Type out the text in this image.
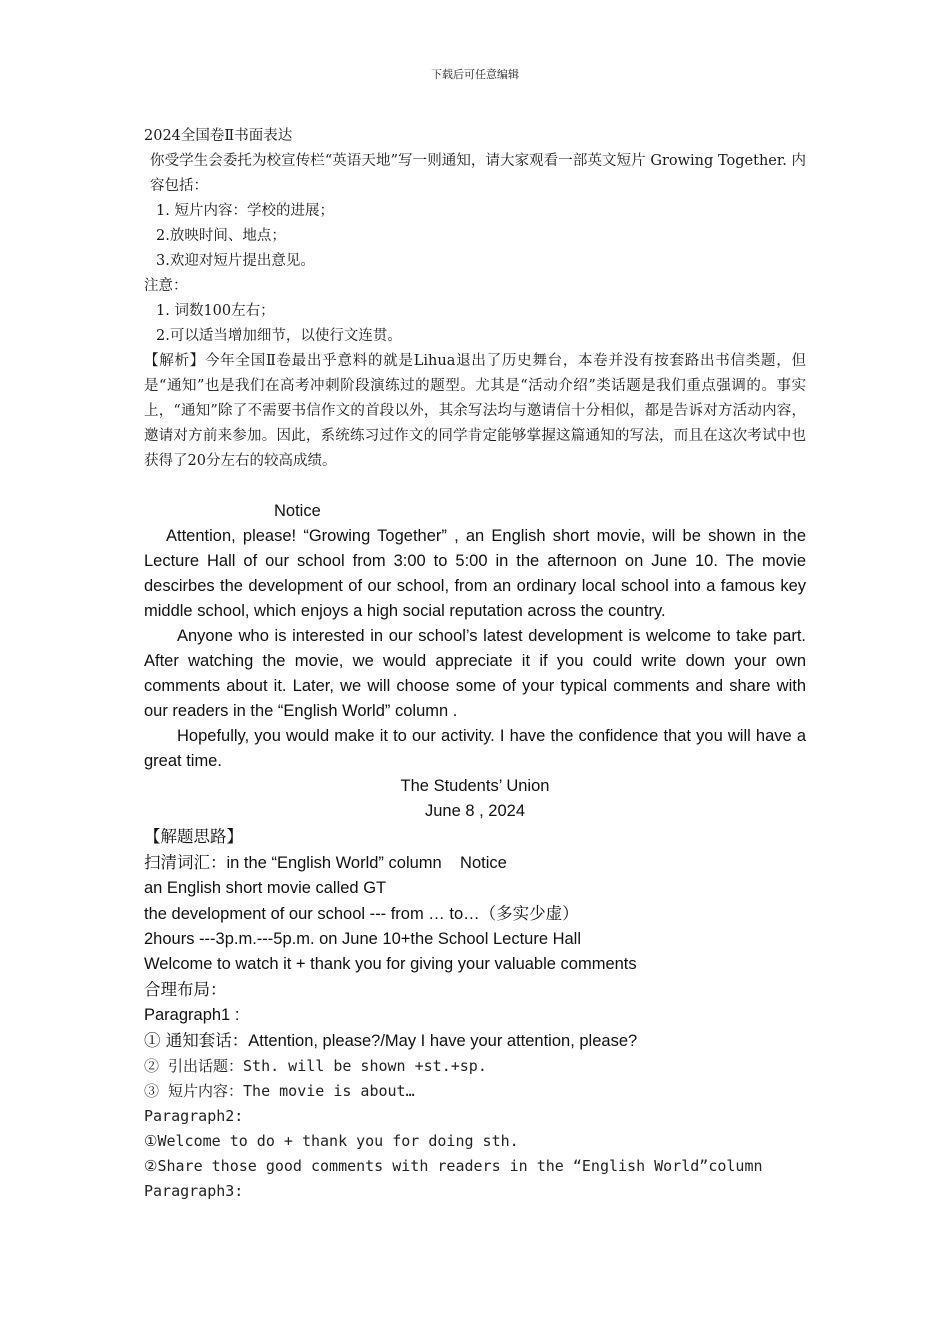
下载后可任意编辑

2024全国卷Ⅱ书面表达

你受学生会委托为校宣传栏“英语天地”写一则通知，请大家观看一部英文短片 Growing Together. 内容包括：

1. 短片内容：学校的进展；

2.放映时间、地点；

3.欢迎对短片提出意见。

注意：

1. 词数100左右；

2.可以适当增加细节，以使行文连贯。

【解析】今年全国Ⅱ卷最出乎意料的就是Lihua退出了历史舞台，本卷并没有按套路出书信类题，但是“通知”也是我们在高考冲刺阶段演练过的题型。尤其是“活动介绍”类话题是我们重点强调的。事实上，“通知”除了不需要书信作文的首段以外，其余写法均与邀请信十分相似，都是告诉对方活动内容，邀请对方前来参加。因此，系统练习过作文的同学肯定能够掌握这篇通知的写法，而且在这次考试中也获得了20分左右的较高成绩。

Notice

Attention, please! “Growing Together” , an English short movie, will be shown in the Lecture Hall of our school from 3:00 to 5:00 in the afternoon on June 10. The movie descirbes the development of our school, from an ordinary local school into a famous key middle school, which enjoys a high social reputation across the country.

Anyone who is interested in our school’s latest development is welcome to take part. After watching the movie, we would appreciate it if you could write down your own comments about it. Later, we will choose some of your typical comments and share with our readers in the “English World” column .

Hopefully, you would make it to our activity. I have the confidence that you will have a great time.

The Students’ Union

June 8 , 2024

【解题思路】

扫清词汇：in the “English World” column    Notice

an English short movie called GT

the development of our school --- from … to…（多实少虚）

2hours ---3p.m.---5p.m. on June 10+the School Lecture Hall

Welcome to watch it + thank you for giving your valuable comments

合理布局：

Paragraph1 :

① 通知套话：Attention, please?/May I have your attention, please?

② 引出话题：Sth. will be shown +st.+sp.

③ 短片内容：The movie is about…

Paragraph2:

①Welcome to do + thank you for doing sth.

②Share those good comments with readers in the “English World”column

Paragraph3:
